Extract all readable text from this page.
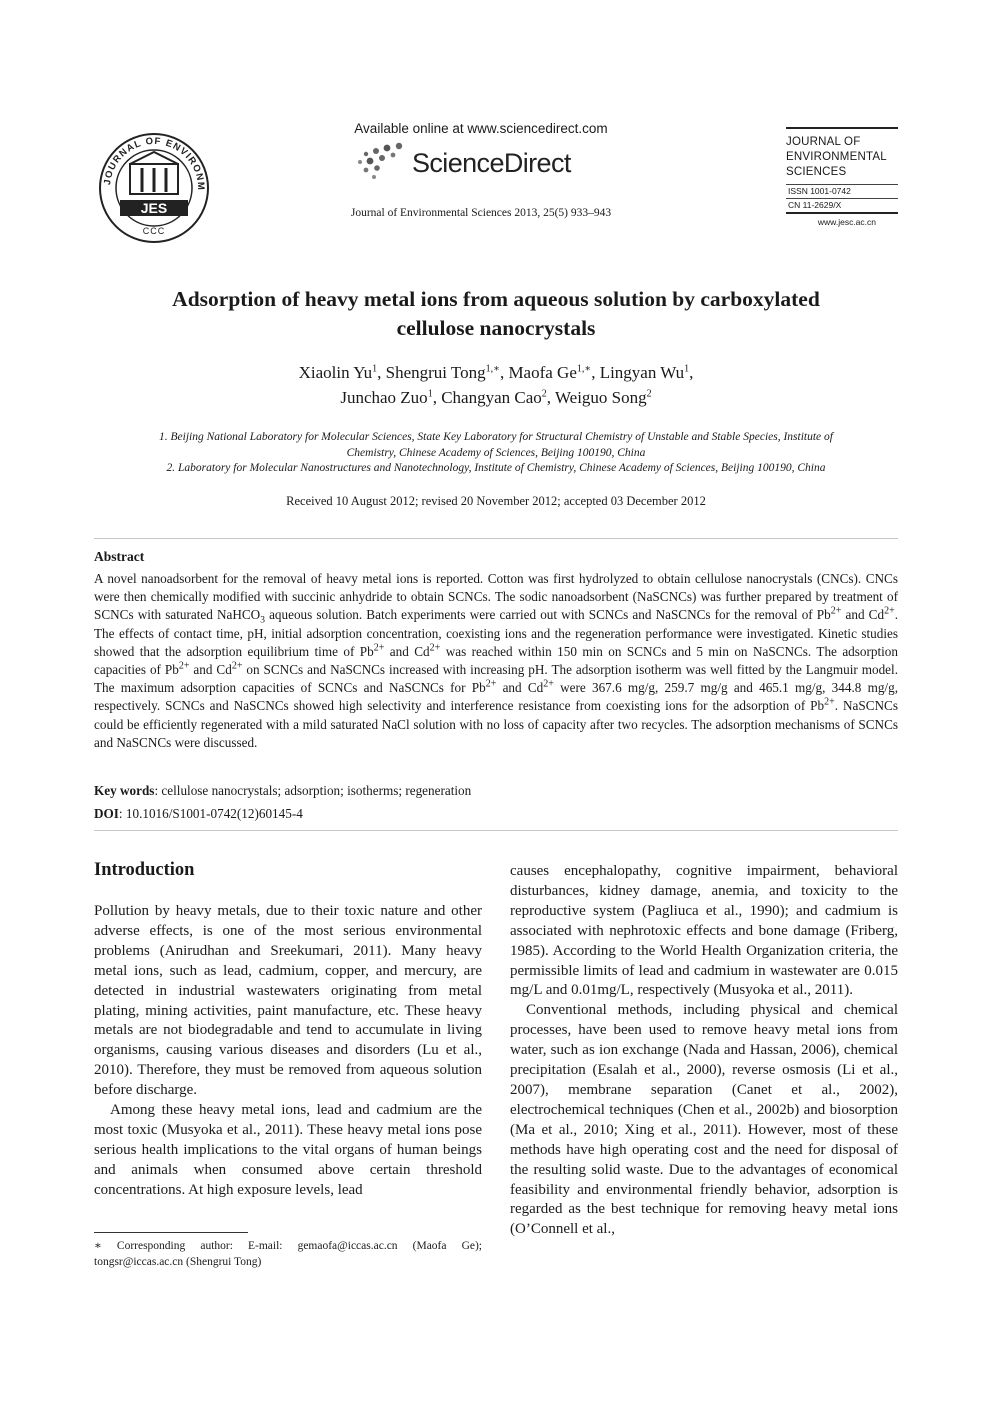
JOURNAL OF ENVIRONM
JES
CCC
Available online at www.sciencedirect.com
ScienceDirect
Journal of Environmental Sciences 2013, 25(5) 933–943
JOURNAL OF
ENVIRONMENTAL
SCIENCES
ISSN 1001-0742
CN 11-2629/X
www.jesc.ac.cn
Adsorption of heavy metal ions from aqueous solution by carboxylated
cellulose nanocrystals
Xiaolin Yu$^1$, Shengrui Tong$^{1,∗}$, Maofa $Ge^{1,∗}$, Lingyan Wu$^1$,
Junchao Zuo$^1$, Changyan Cao$^2$, Weiguo Song$^2$
1. Beijing National Laboratory for Molecular Sciences, State Key Laboratory for Structural Chemistry of Unstable and Stable Species, Institute of
Chemistry, Chinese Academy of Sciences, Beijing 100190, China
2. Laboratory for Molecular Nanostructures and Nanotechnology, Institute of Chemistry, Chinese Academy of Sciences, Beijing 100190, China
Received 10 August 2012; revised 20 November 2012; accepted 03 December 2012
Abstract
A novel nanoadsorbent for the removal of heavy metal ions is reported. Cotton was first hydrolyzed to obtain cellulose nanocrystals (CNCs). CNCs were then chemically modified with succinic anhydride to obtain SCNCs. The sodic nanoadsorbent (NaSCNCs) was further prepared by treatment of SCNCs with saturated NaHCO$_3$ aqueous solution. Batch experiments were carried out with SCNCs and NaSCNCs for the removal of $Pb^{2+}$ and $Cd^{2+}$. The effects of contact time, pH, initial adsorption concentration, coexisting ions and the regeneration performance were investigated. Kinetic studies showed that the adsorption equilibrium time of $Pb^{2+}$ and $Cd^{2+}$ was reached within 150 min on SCNCs and 5 min on NaSCNCs. The adsorption capacities of $Pb^{2+}$ and $Cd^{2+}$ on SCNCs and NaSCNCs increased with increasing pH. The adsorption isotherm was well fitted by the Langmuir model. The maximum adsorption capacities of SCNCs and NaSCNCs for $Pb^{2+}$ and $Cd^{2+}$ were 367.6 mg/g, 259.7 mg/g and 465.1 mg/g, 344.8 mg/g, respectively. SCNCs and NaSCNCs showed high selectivity and interference resistance from coexisting ions for the adsorption of $Pb^{2+}$. NaSCNCs could be efficiently regenerated with a mild saturated NaCl solution with no loss of capacity after two recycles. The adsorption mechanisms of SCNCs and NaSCNCs were discussed.
Key words: cellulose nanocrystals; adsorption; isotherms; regeneration
DOI: 10.1016/S1001-0742(12)60145-4
Introduction

Pollution by heavy metals, due to their toxic nature and other adverse effects, is one of the most serious environmental problems (Anirudhan and Sreekumari, 2011). Many heavy metal ions, such as lead, cadmium, copper, and mercury, are detected in industrial wastewaters originating from metal plating, mining activities, paint manufacture, etc. These heavy metals are not biodegradable and tend to accumulate in living organisms, causing various diseases and disorders (Lu et al., 2010). Therefore, they must be removed from aqueous solution before discharge.

Among these heavy metal ions, lead and cadmium are the most toxic (Musyoka et al., 2011). These heavy metal ions pose serious health implications to the vital organs of human beings and animals when consumed above certain threshold concentrations. At high exposure levels, lead

causes encephalopathy, cognitive impairment, behavioral disturbances, kidney damage, anemia, and toxicity to the reproductive system (Pagliuca et al., 1990); and cadmium is associated with nephrotoxic effects and bone damage (Friberg, 1985). According to the World Health Organization criteria, the permissible limits of lead and cadmium in wastewater are 0.015 mg/L and 0.01mg/L, respectively (Musyoka et al., 2011).

Conventional methods, including physical and chemical processes, have been used to remove heavy metal ions from water, such as ion exchange (Nada and Hassan, 2006), chemical precipitation (Esalah et al., 2000), reverse osmosis (Li et al., 2007), membrane separation (Canet et al., 2002), electrochemical techniques (Chen et al., 2002b) and biosorption (Ma et al., 2010; Xing et al., 2011). However, most of these methods have high operating cost and the need for disposal of the resulting solid waste. Due to the advantages of economical feasibility and environmental friendly behavior, adsorption is regarded as the best technique for removing heavy metal ions (O’Connell et al.,

∗ Corresponding author: E-mail: gemaofa@iccas.ac.cn (Maofa Ge); tongsr@iccas.ac.cn (Shengrui Tong)
